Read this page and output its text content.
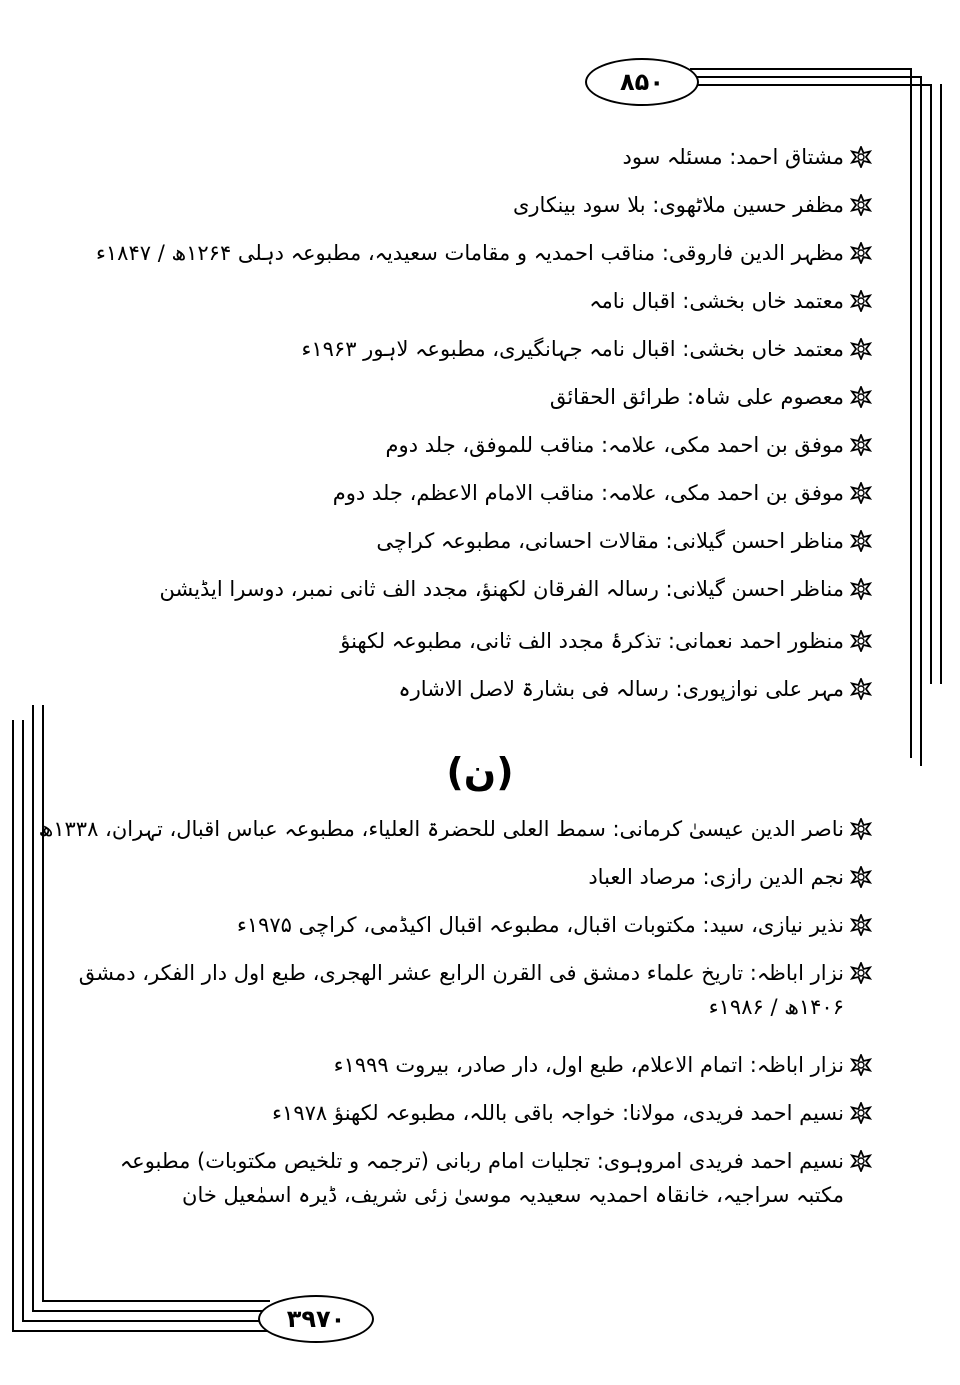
۸۵۰
۳۹۷۰
مشتاق احمد: مسئلہ سود
مظفر حسین ملاٹھوی: بلا سود بینکاری
مظہر الدین فاروقی: مناقب احمدیہ و مقامات سعیدیہ، مطبوعہ دہلی ۱۲۶۴ھ / ۱۸۴۷ء
معتمد خاں بخشی: اقبال نامہ
معتمد خاں بخشی: اقبال نامہ جہانگیری، مطبوعہ لاہور ۱۹۶۳ء
معصوم علی شاہ: طرائق الحقائق
موفق بن احمد مکی، علامہ: مناقب للموفق، جلد دوم
موفق بن احمد مکی، علامہ: مناقب الامام الاعظم، جلد دوم
مناظر احسن گیلانی: مقالات احسانی، مطبوعہ کراچی
مناظر احسن گیلانی: رسالہ الفرقان لکھنؤ، مجدد الف ثانی نمبر، دوسرا ایڈیشن
منظور احمد نعمانی: تذکرۂ مجدد الف ثانی، مطبوعہ لکھنؤ
مہر علی نوازپوری: رسالہ فی بشارۃ لاصل الاشارہ
(ن)
ناصر الدین عیسیٰ کرمانی: سمط العلی للحضرۃ العلیاء، مطبوعہ عباس اقبال، تہران، ۱۳۳۸ھ
نجم الدین رازی: مرصاد العباد
نذیر نیازی، سید: مکتوبات اقبال، مطبوعہ اقبال اکیڈمی، کراچی ۱۹۷۵ء
نزار اباظہ: تاریخ علماء دمشق فی القرن الرابع عشر الهجری، طبع اول دار الفکر، دمشق ۱۴۰۶ھ / ۱۹۸۶ء
نزار اباظہ: اتمام الاعلام، طبع اول، دار صادر، بیروت ۱۹۹۹ء
نسیم احمد فریدی، مولانا: خواجہ باقی باللہ، مطبوعہ لکھنؤ ۱۹۷۸ء
نسیم احمد فریدی امروہوی: تجلیات امام ربانی (ترجمہ و تلخیص مکتوبات) مطبوعہ مکتبہ سراجیہ، خانقاہ احمدیہ سعیدیہ موسیٰ زئی شریف، ڈیرہ اسمٰعیل خان
